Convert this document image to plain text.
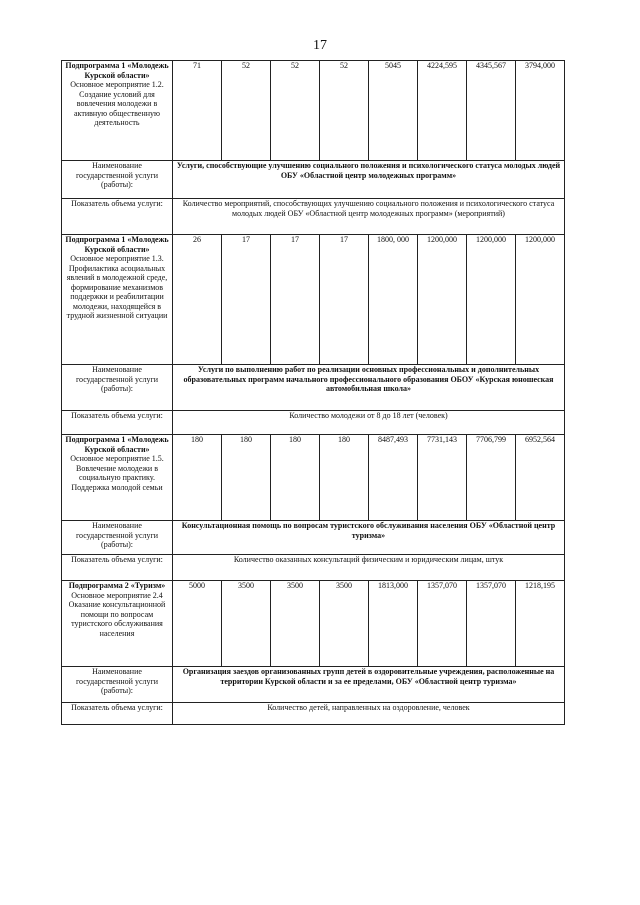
17
Подпрограмма 1 «Молодежь Курской области»
Основное мероприятие 1.2. Создание условий для вовлечения молодежи в активную общественную деятельность	71	52	52	52	5045	4224,595	4345,567	3794,000
Наименование государственной услуги (работы):	Услуги, способствующие улучшению социального положения и психологического статуса молодых людей ОБУ «Областной центр молодежных программ»							
Показатель объема услуги:	Количество мероприятий, способствующих улучшению социального положения и психологического статуса молодых людей ОБУ «Областной центр молодежных программ» (мероприятий)							

Подпрограмма 1 «Молодежь Курской области»
Основное мероприятие 1.3. Профилактика асоциальных явлений в молодежной среде, формирование механизмов поддержки и реабилитации молодежи, находящейся в трудной жизненной ситуации	26	17	17	17	1800, 000	1200,000	1200,000	1200,000
Наименование государственной услуги (работы):	Услуги по выполнению работ по реализации основных профессиональных и дополнительных образовательных программ начального профессионального образования ОБОУ «Курская юношеская автомобильная школа»							
Показатель объема услуги:	Количество молодежи от 8 до 18 лет (человек)							

Подпрограмма 1 «Молодежь Курской области»
Основное мероприятие 1.5. Вовлечение молодежи в социальную практику. Поддержка молодой семьи	180	180	180	180	8487,493	7731,143	7706,799	6952,564
Наименование государственной услуги (работы):	Консультационная помощь по вопросам туристского обслуживания населения ОБУ «Областной центр туризма»							
Показатель объема услуги:	Количество оказанных консультаций физическим и юридическим лицам, штук							

Подпрограмма 2 «Туризм»
Основное мероприятие 2.4 Оказание консультационной помощи по вопросам туристского обслуживания населения	5000	3500	3500	3500	1813,000	1357,070	1357,070	1218,195
Наименование государственной услуги (работы):	Организация заездов организованных групп детей в оздоровительные учреждения, расположенные на территории Курской области и за ее пределами, ОБУ «Областной центр туризма»							
Показатель объема услуги:	Количество детей, направленных на оздоровление, человек							
